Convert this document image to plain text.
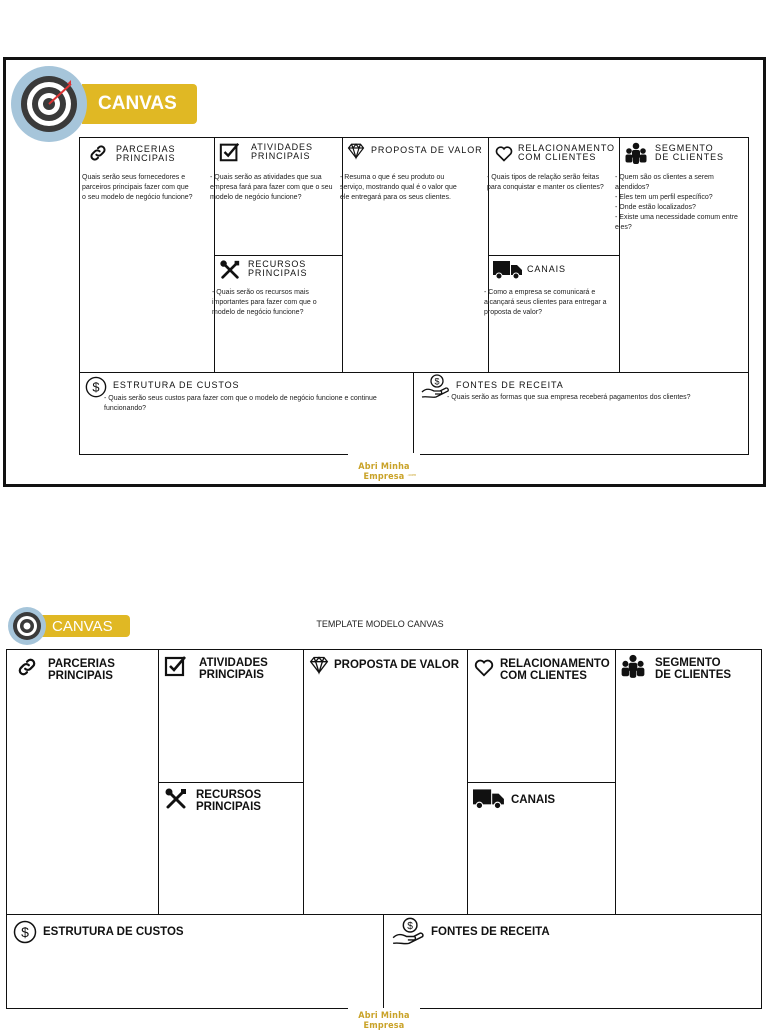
CANVAS
PARCERIAS
PRINCIPAIS
Quais serão seus fornecedores e parceiros principais fazer com que o seu modelo de negócio funcione?
ATIVIDADES
PRINCIPAIS
- Quais serão as atividades que sua empresa fará para fazer com que o seu modelo de negócio funcione?
RECURSOS
PRINCIPAIS
- Quais serão os recursos mais importantes para fazer com que o modelo de negócio funcione?
PROPOSTA DE VALOR
- Resuma o que é seu produto ou serviço, mostrando qual é o valor que ele entregará para os seus clientes.
RELACIONAMENTO
COM CLIENTES
- Quais tipos de relação serão feitas para conquistar e manter os clientes?
CANAIS
- Como a empresa se comunicará e alcançará seus clientes para entregar a proposta de valor?
SEGMENTO
DE CLIENTES
- Quem são os clientes a serem atendidos?
- Eles tem um perfil específico?
- Onde estão localizados?
- Existe uma necessidade comum entre eles?
$ ESTRUTURA DE CUSTOS
- Quais serão seus custos para fazer com que o modelo de negócio funcione e continue funcionando?
$ FONTES DE RECEITA
- Quais serão as formas que sua empresa receberá pagamentos dos clientes?
Abri Minha Empresa .com
CANVAS	TEMPLATE MODELO CANVAS
PARCERIAS
PRINCIPAIS
ATIVIDADES
PRINCIPAIS
RECURSOS
PRINCIPAIS
PROPOSTA DE VALOR	RELACIONAMENTO
COM CLIENTES
CANAIS
SEGMENTO
DE CLIENTES
$ ESTRUTURA DE CUSTOS	$ FONTES DE RECEITA
Abri Minha Empresa
